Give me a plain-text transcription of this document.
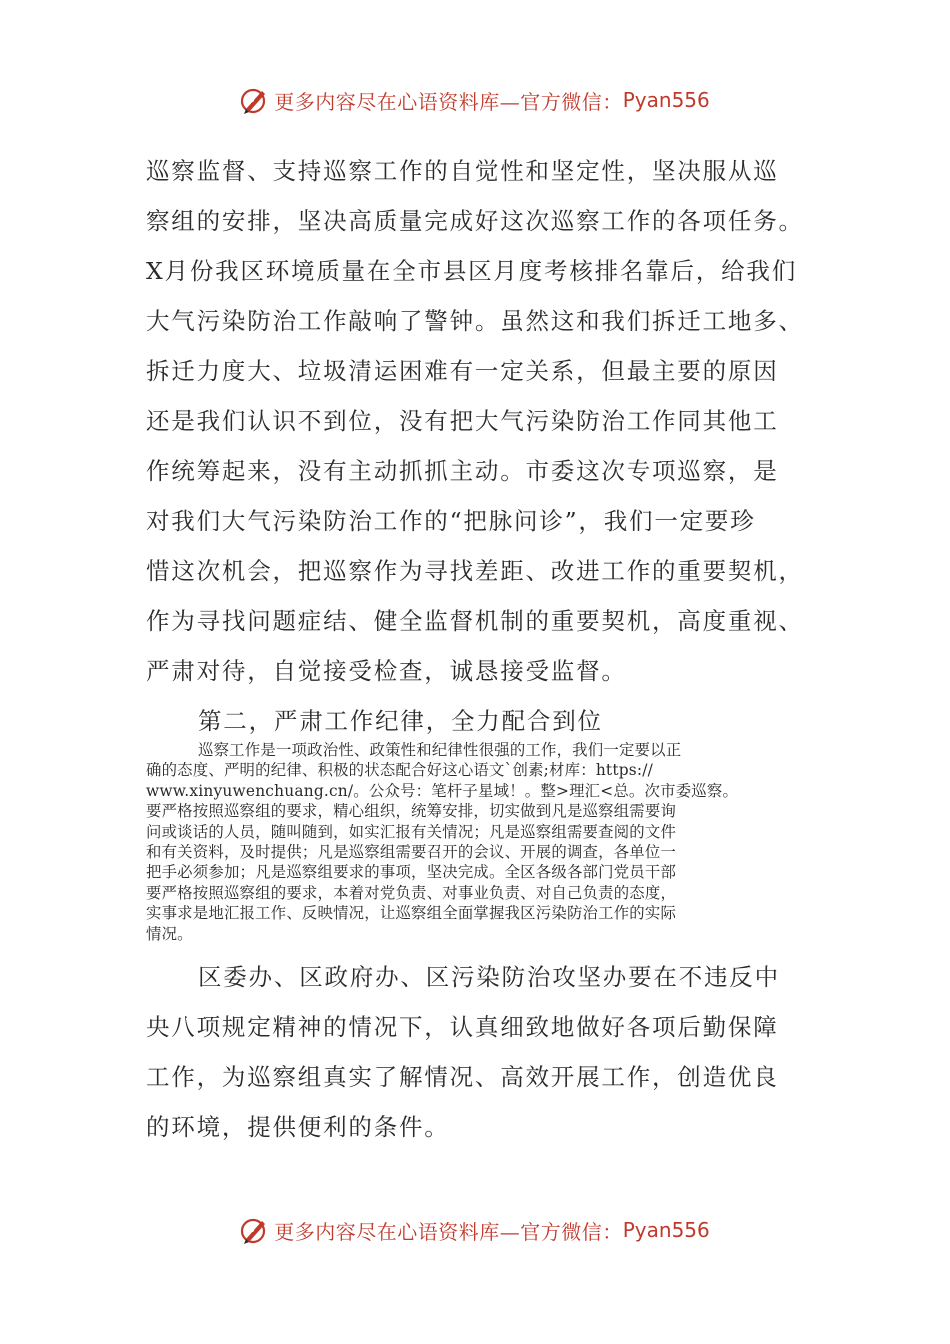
更多内容尽在心语资料库—官方微信： Pyan556
巡察监督、支持巡察工作的自觉性和坚定性，坚决服从巡
察组的安排，坚决高质量完成好这次巡察工作的各项任务。
X月份我区环境质量在全市县区月度考核排名靠后，给我们
大气污染防治工作敲响了警钟。虽然这和我们拆迁工地多、
拆迁力度大、垃圾清运困难有一定关系，但最主要的原因
还是我们认识不到位，没有把大气污染防治工作同其他工
作统筹起来，没有主动抓抓主动。市委这次专项巡察，是
对我们大气污染防治工作的“把脉问诊”，我们一定要珍
惜这次机会，把巡察作为寻找差距、改进工作的重要契机，
作为寻找问题症结、健全监督机制的重要契机，高度重视、
严肃对待，自觉接受检查，诚恳接受监督。
第二，严肃工作纪律，全力配合到位
巡察工作是一项政治性、政策性和纪律性很强的工作，我们一定要以正
确的态度、严明的纪律、积极的状态配合好这心语文`创素;材库：https://
www.xinyuwenchuang.cn/。公众号：笔杆子星域！。整>理汇<总。次市委巡察。
要严格按照巡察组的要求，精心组织，统筹安排，切实做到凡是巡察组需要询
问或谈话的人员，随叫随到，如实汇报有关情况；凡是巡察组需要查阅的文件
和有关资料，及时提供；凡是巡察组需要召开的会议、开展的调查，各单位一
把手必须参加；凡是巡察组要求的事项，坚决完成。全区各级各部门党员干部
要严格按照巡察组的要求，本着对党负责、对事业负责、对自己负责的态度，
实事求是地汇报工作、反映情况，让巡察组全面掌握我区污染防治工作的实际
情况。
区委办、区政府办、区污染防治攻坚办要在不违反中
央八项规定精神的情况下，认真细致地做好各项后勤保障
工作，为巡察组真实了解情况、高效开展工作，创造优良
的环境，提供便利的条件。
更多内容尽在心语资料库—官方微信： Pyan556
